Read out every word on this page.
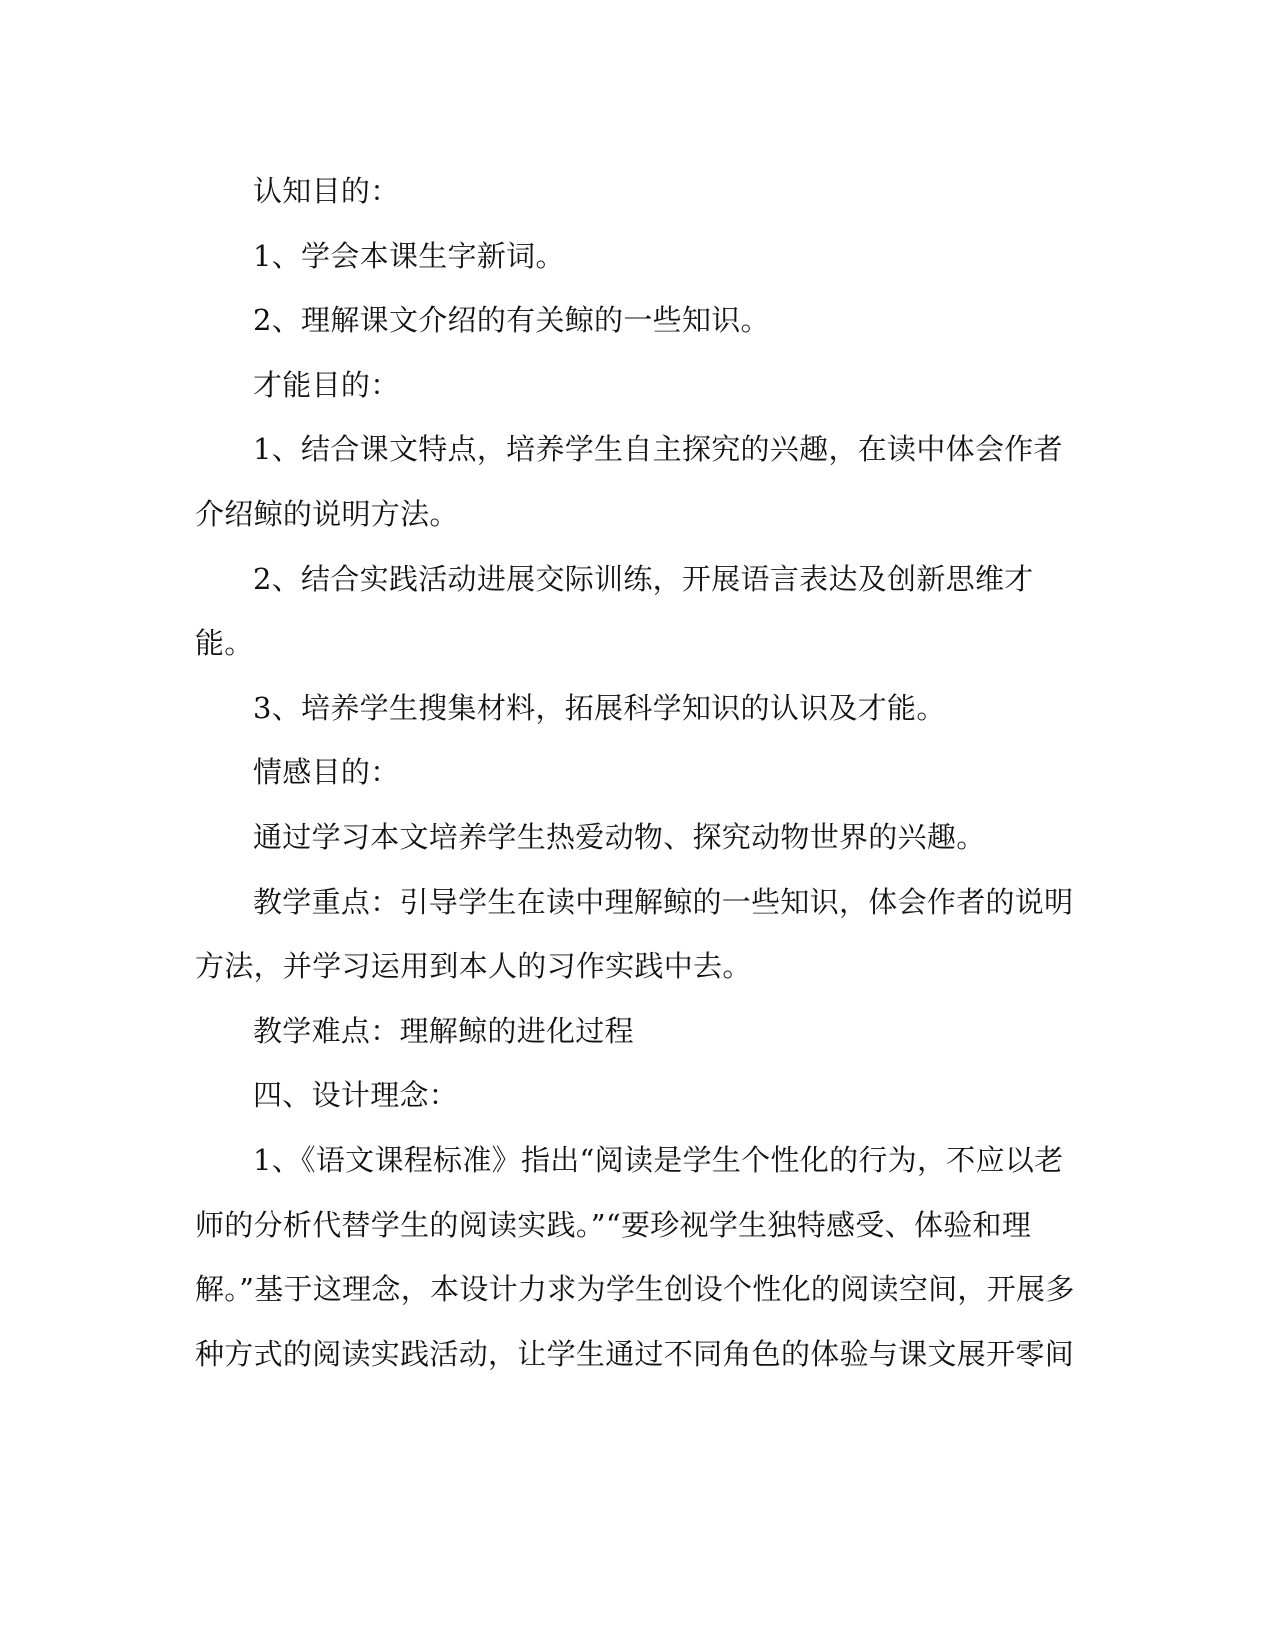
认知目的：

1、学会本课生字新词。

2、理解课文介绍的有关鲸的一些知识。

才能目的：

1、结合课文特点，培养学生自主探究的兴趣，在读中体会作者介绍鲸的说明方法。

2、结合实践活动进展交际训练，开展语言表达及创新思维才能。

3、培养学生搜集材料，拓展科学知识的认识及才能。

情感目的：

通过学习本文培养学生热爱动物、探究动物世界的兴趣。

教学重点：引导学生在读中理解鲸的一些知识，体会作者的说明方法，并学习运用到本人的习作实践中去。

教学难点：理解鲸的进化过程

四、设计理念：

1、《语文课程标准》指出“阅读是学生个性化的行为，不应以老师的分析代替学生的阅读实践。”“要珍视学生独特感受、体验和理解。”基于这理念，本设计力求为学生创设个性化的阅读空间，开展多种方式的阅读实践活动，让学生通过不同角色的体验与课文展开零间
